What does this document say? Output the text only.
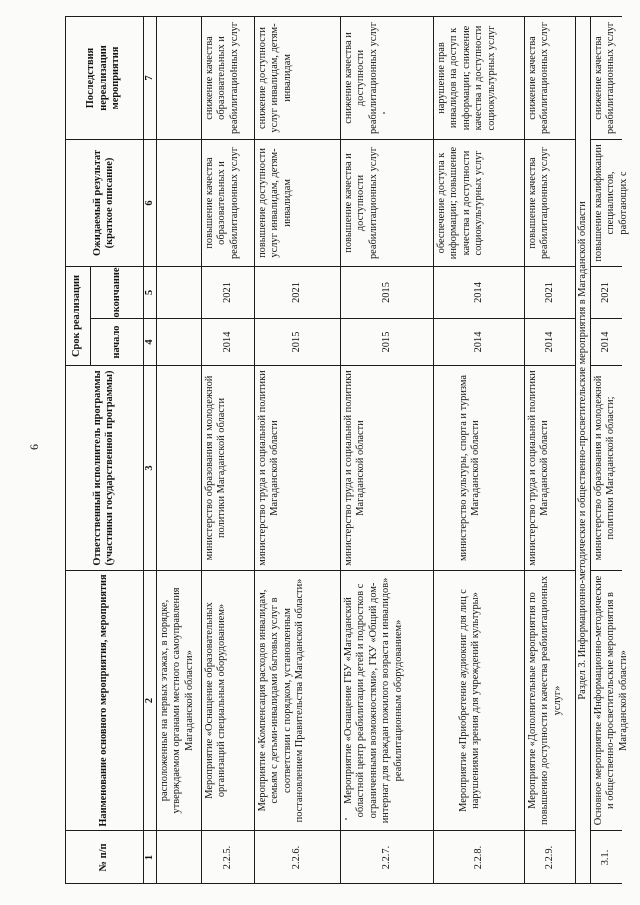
6
№ п/п
Наименование основного мероприятия, мероприятия
Ответственный исполнитель программы (участники государственной программы)
Срок реализации	начало
окончание
Ожидаемый результат (краткое описание)
Последствия нереализации мероприятия
1
2
3
4
5
6
7
расположенные на первых этажах, в порядке, утверждаемом органами местного самоуправления Магаданской области»
2.2.5.
Мероприятие «Оснащение образовательных организаций специальным оборудованием»
министерство образования и молодежной политики Магаданской области
2014
2021
повышение качества образовательных и реабилитационных услуг
снижение качества образовательных и реабилитационных услуг
2.2.6.
Мероприятие «Компенсация расходов инвалидам, семьям с детьми-инвалидами бытовых услуг в соответствии с порядком, установленным постановлением Правительства Магаданской области»
министерство труда и социальной политики Магаданской области
2015
2021
повышение доступности услуг инвалидам, детям-инвалидам
снижение доступности услуг инвалидам, детям-инвалидам
2.2.7.
Мероприятие «Оснащение ГБУ «Магаданский областной центр реабилитации детей и подростков с ограниченными возможностями», ГКУ «Общий дом-интернат для граждан пожилого возраста и инвалидов» реабилитационным оборудованием»
министерство труда и социальной политики Магаданской области
2015
2015
повышение качества и доступности реабилитационных услуг
снижение качества и доступности реабилитационных услуг
2.2.8.
Мероприятие «Приобретение аудиокниг для лиц с нарушениями зрения для учреждений культуры»
министерство культуры, спорта и туризма Магаданской области
2014
2014
обеспечение доступа к информации; повышение качества и доступности социокультурных услуг
нарушение прав инвалидов на доступ к информации; снижение качества и доступности социокультурных услуг
2.2.9.
Мероприятие «Дополнительные мероприятия по повышению доступности и качества реабилитационных услуг»
министерство труда и социальной политики Магаданской области
2014
2021
повышение качества реабилитационных услуг
снижение качества реабилитационных услуг
Раздел 3. Информационно-методические и общественно-просветительские мероприятия в Магаданской области
3.1.
Основное мероприятие «Информационно-методические и общественно-просветительские мероприятия в Магаданской области»
министерство образования и молодежной политики Магаданской области;
2014
2021
повышение квалификации специалистов, работающих с
снижение качества реабилитационных услуг
